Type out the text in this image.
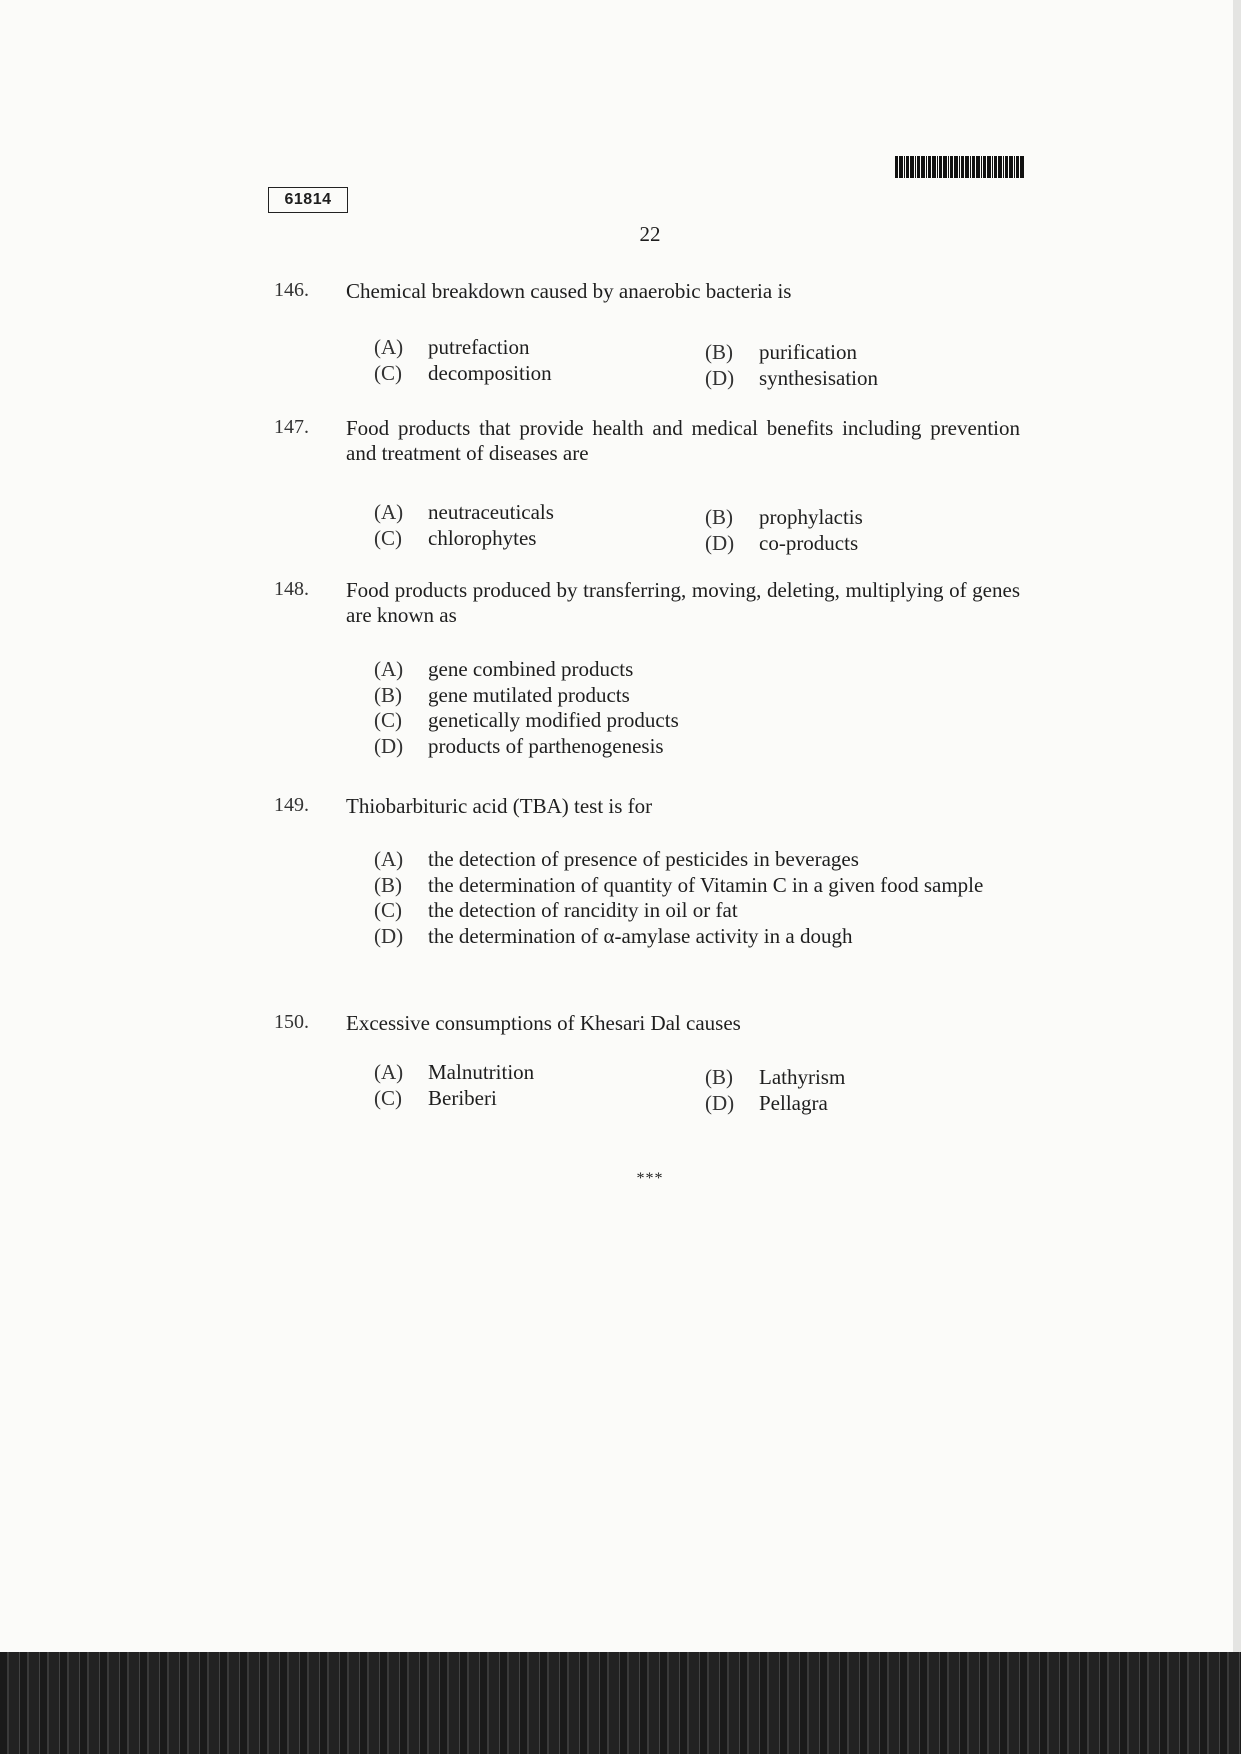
61814
22
146. Chemical breakdown caused by anaerobic bacteria is
(A) putrefaction	(B) purification
(C) decomposition	(D) synthesisation
147. Food products that provide health and medical benefits including prevention and treatment of diseases are
(A) neutraceuticals	(B) prophylactis
(C) chlorophytes	(D) co-products
148. Food products produced by transferring, moving, deleting, multiplying of genes are known as
(A) gene combined products
(B) gene mutilated products
(C) genetically modified products
(D) products of parthenogenesis
149. Thiobarbituric acid (TBA) test is for
(A) the detection of presence of pesticides in beverages
(B) the determination of quantity of Vitamin C in a given food sample
(C) the detection of rancidity in oil or fat
(D) the determination of α-amylase activity in a dough
150. Excessive consumptions of Khesari Dal causes
(A) Malnutrition	(B) Lathyrism
(C) Beriberi	(D) Pellagra
***
